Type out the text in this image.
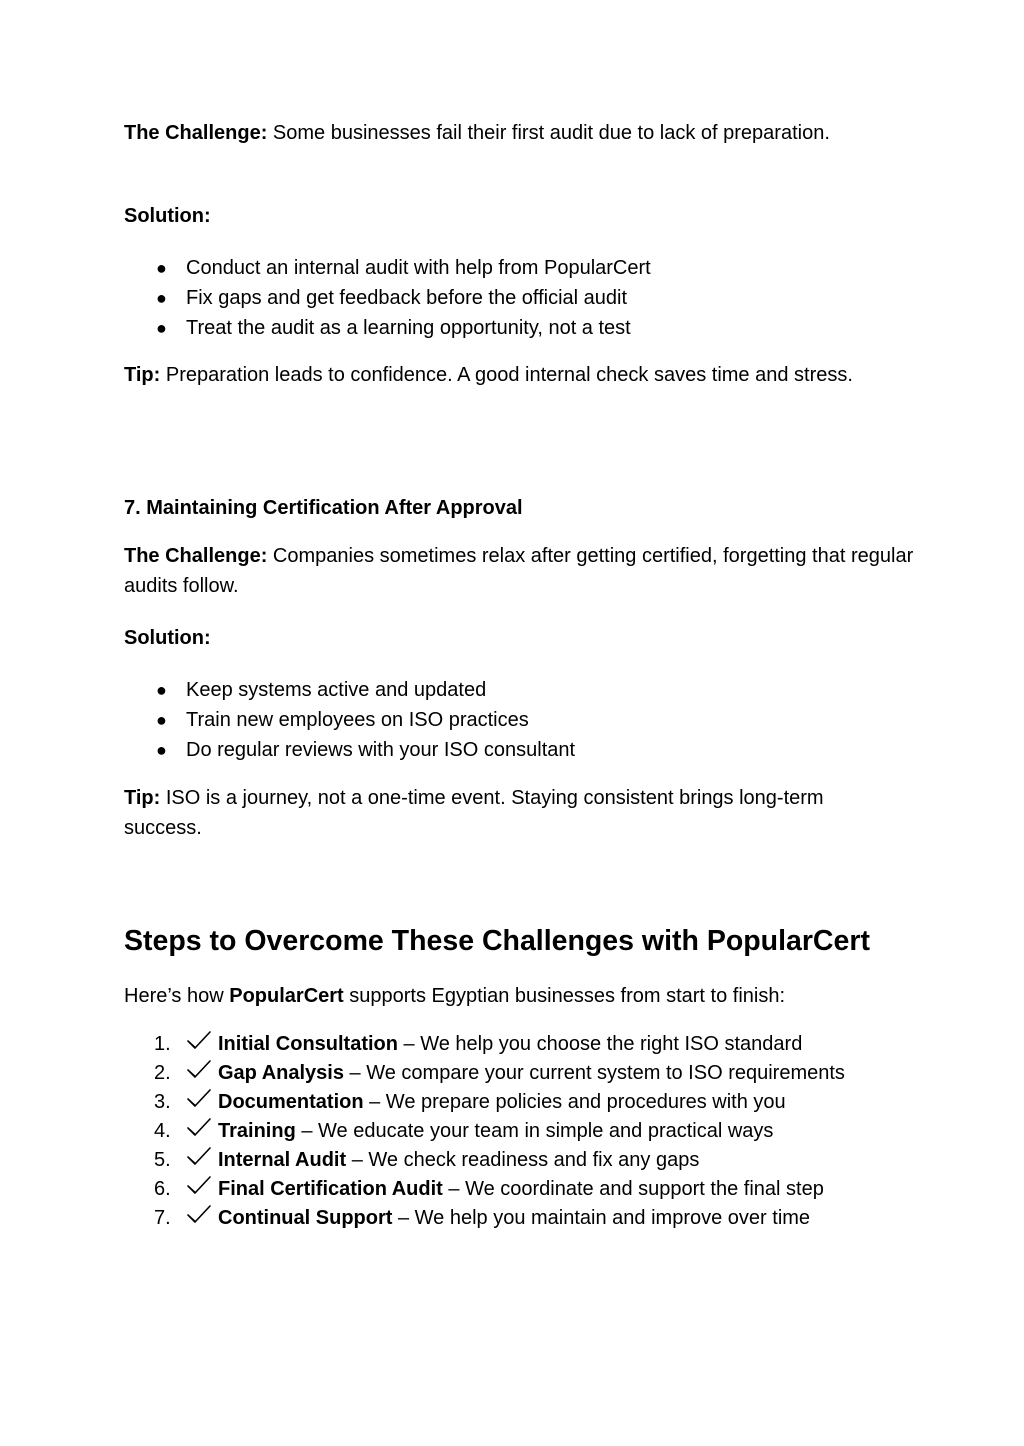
The Challenge: Some businesses fail their first audit due to lack of preparation.

Solution:

● Conduct an internal audit with help from PopularCert
● Fix gaps and get feedback before the official audit
● Treat the audit as a learning opportunity, not a test

Tip: Preparation leads to confidence. A good internal check saves time and stress.

7. Maintaining Certification After Approval

The Challenge: Companies sometimes relax after getting certified, forgetting that regular audits follow.

Solution:

● Keep systems active and updated
● Train new employees on ISO practices
● Do regular reviews with your ISO consultant

Tip: ISO is a journey, not a one-time event. Staying consistent brings long-term success.

Steps to Overcome These Challenges with PopularCert

Here’s how PopularCert supports Egyptian businesses from start to finish:

1. Initial Consultation – We help you choose the right ISO standard
2. Gap Analysis – We compare your current system to ISO requirements
3. Documentation – We prepare policies and procedures with you
4. Training – We educate your team in simple and practical ways
5. Internal Audit – We check readiness and fix any gaps
6. Final Certification Audit – We coordinate and support the final step
7. Continual Support – We help you maintain and improve over time
